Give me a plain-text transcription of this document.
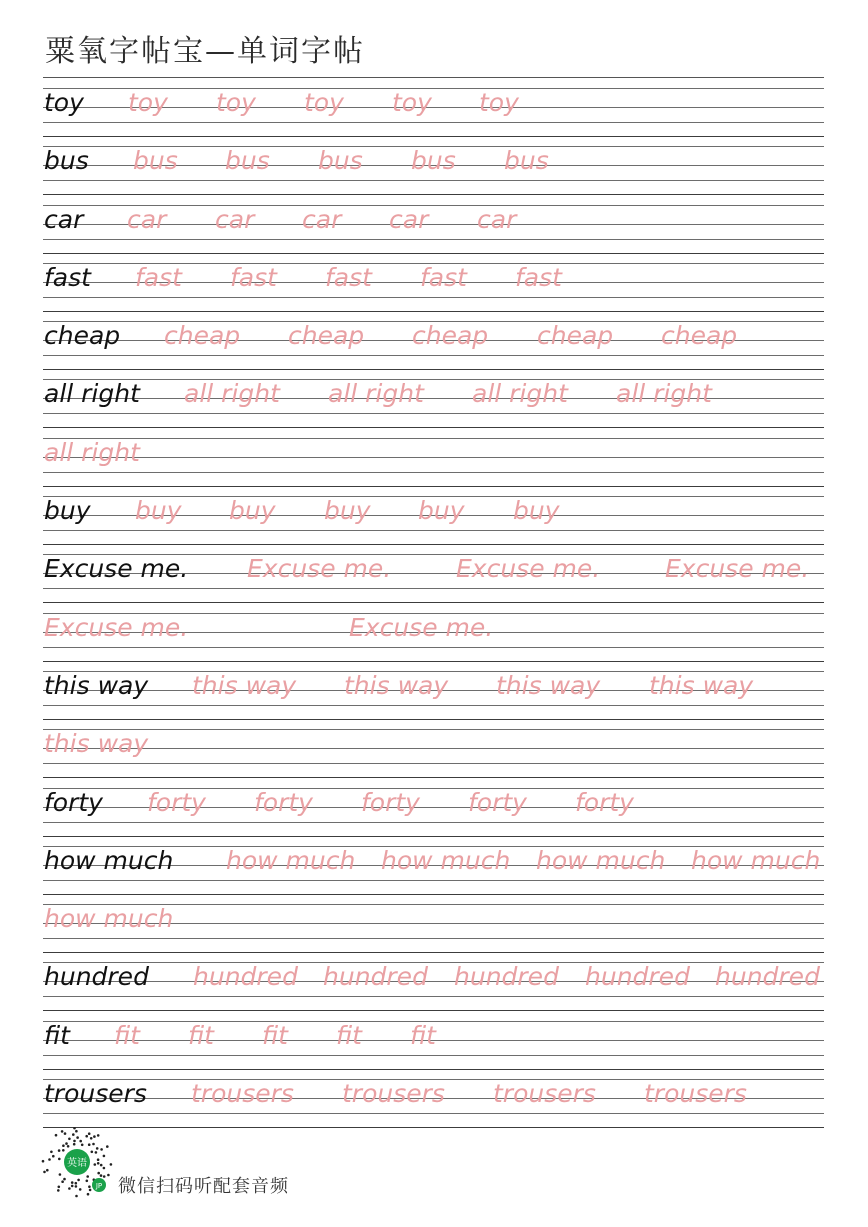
粟氧字帖宝—单词字帖
toy toy toy toy toy toy
bus bus bus bus bus bus
car car car car car car
fast fast fast fast fast fast
cheap cheap cheap cheap cheap cheap
all right all right all right all right all right
all right
buy buy buy buy buy buy
Excuse me. Excuse me.	Excuse me.	Excuse me.
Excuse me.	Excuse me.
this way this way this way this way this way
this way
forty forty forty forty forty forty
how much how much how much how much how much
how much
hundred hundred hundred hundred hundred hundred
fit fit fit fit fit fit
trousers trousers trousers trousers trousers
英语
JP 微信扫码听配套音频
